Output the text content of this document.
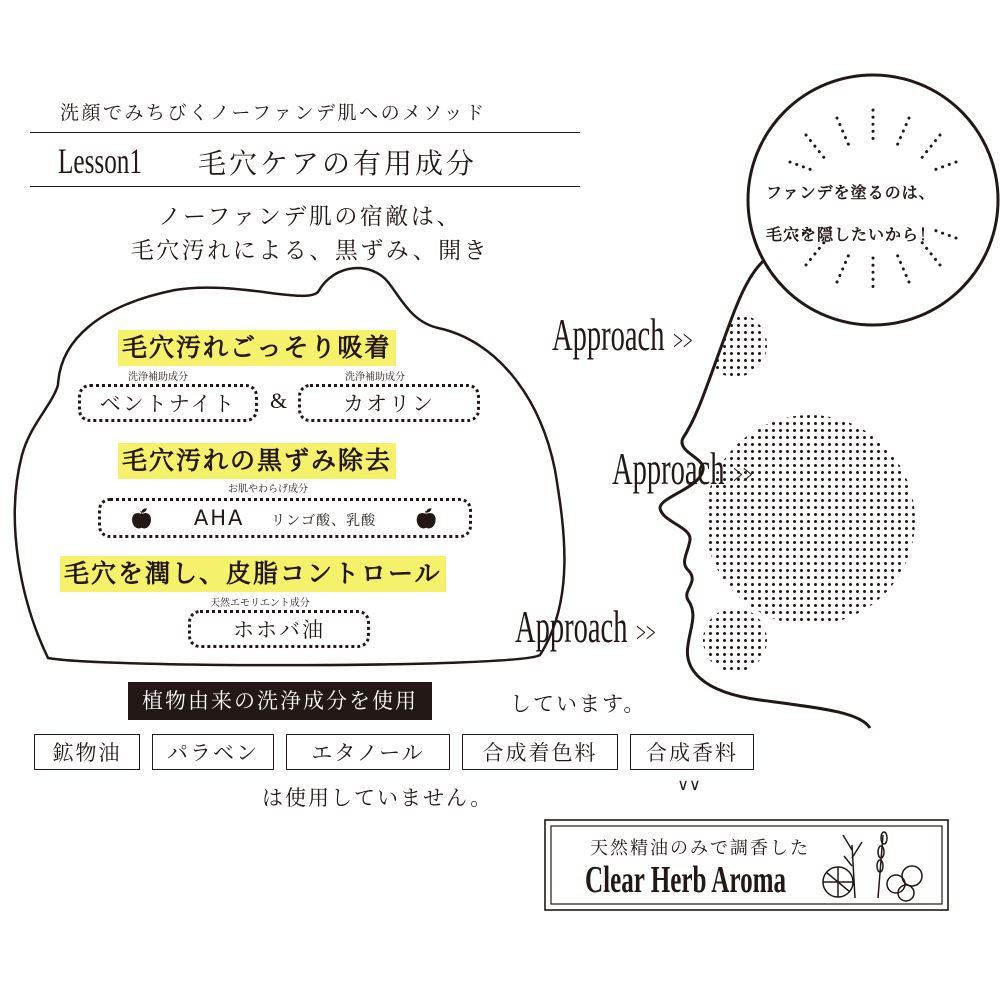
洗顔でみちびくノーファンデ肌へのメソッド
Lesson1 毛穴ケアの有用成分
ノーファンデ肌の宿敵は、
毛穴汚れによる、黒ずみ、開き
ファンデを塗るのは、
毛穴を隠したいから！
Approach >>
Approach >>
Approach >>
毛穴汚れごっそり吸着
洗浄補助成分	洗浄補助成分
ベントナイト	&	カオリン
毛穴汚れの黒ずみ除去
お肌やわらげ成分
🍎︎ AHA リンゴ酸、乳酸 🍎︎
毛穴を潤し、皮脂コントロール
天然エモリエント成分
ホホバ油
植物由来の洗浄成分を使用	しています。
鉱物油	パラベン	エタノール	合成着色料	合成香料
は使用していません。
∨∨
天然精油のみで調香した
Clear Herb Aroma
